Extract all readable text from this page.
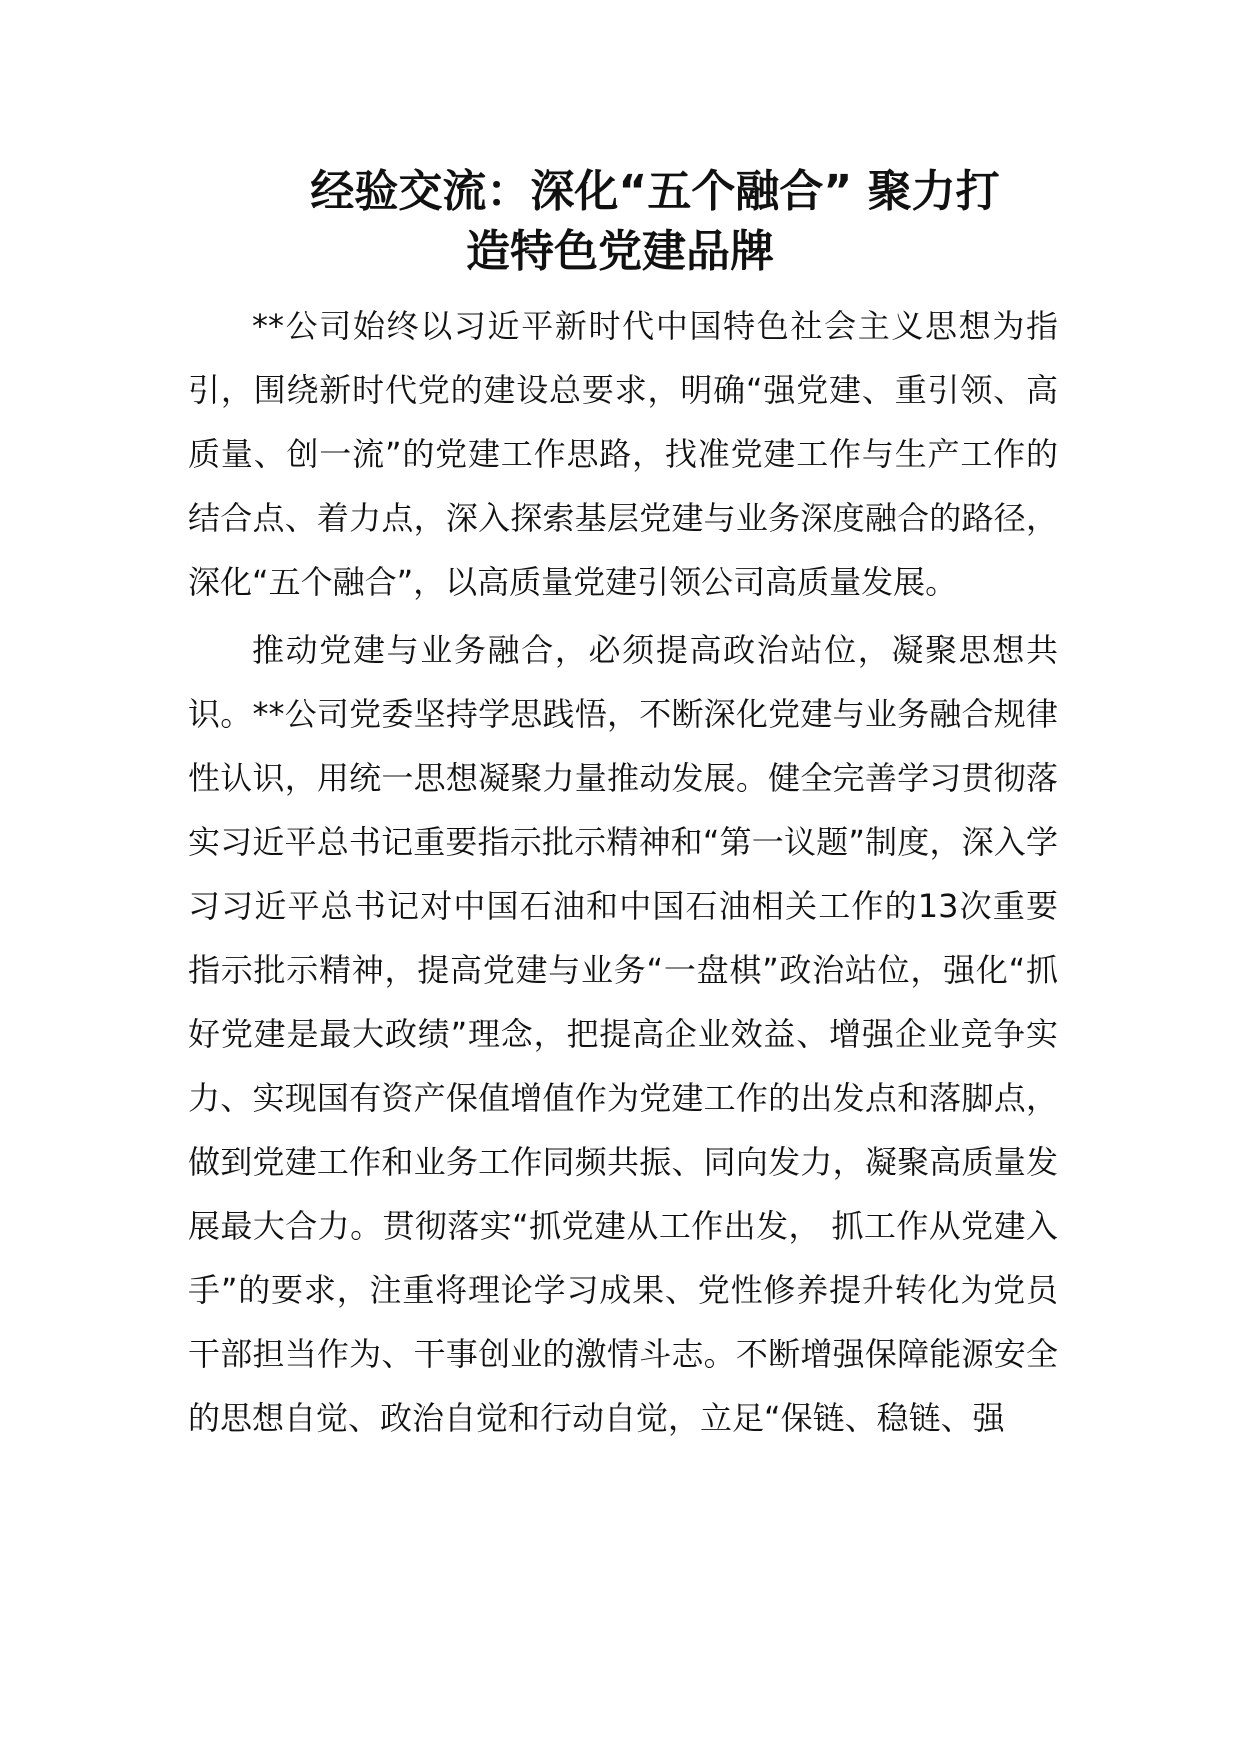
经验交流：深化“五个融合” 聚力打
造特色党建品牌

**公司始终以习近平新时代中国特色社会主义思想为指引，围绕新时代党的建设总要求，明确“强党建、重引领、高质量、创一流”的党建工作思路，找准党建工作与生产工作的结合点、着力点，深入探索基层党建与业务深度融合的路径，深化“五个融合”，以高质量党建引领公司高质量发展。

推动党建与业务融合，必须提高政治站位，凝聚思想共识。**公司党委坚持学思践悟，不断深化党建与业务融合规律性认识，用统一思想凝聚力量推动发展。健全完善学习贯彻落实习近平总书记重要指示批示精神和“第一议题”制度，深入学习习近平总书记对中国石油和中国石油相关工作的13次重要指示批示精神，提高党建与业务“一盘棋”政治站位，强化“抓好党建是最大政绩”理念，把提高企业效益、增强企业竞争实力、实现国有资产保值增值作为党建工作的出发点和落脚点，做到党建工作和业务工作同频共振、同向发力，凝聚高质量发展最大合力。贯彻落实“抓党建从工作出发， 抓工作从党建入手”的要求，注重将理论学习成果、党性修养提升转化为党员干部担当作为、干事创业的激情斗志。不断增强保障能源安全的思想自觉、政治自觉和行动自觉，立足“保链、稳链、强
